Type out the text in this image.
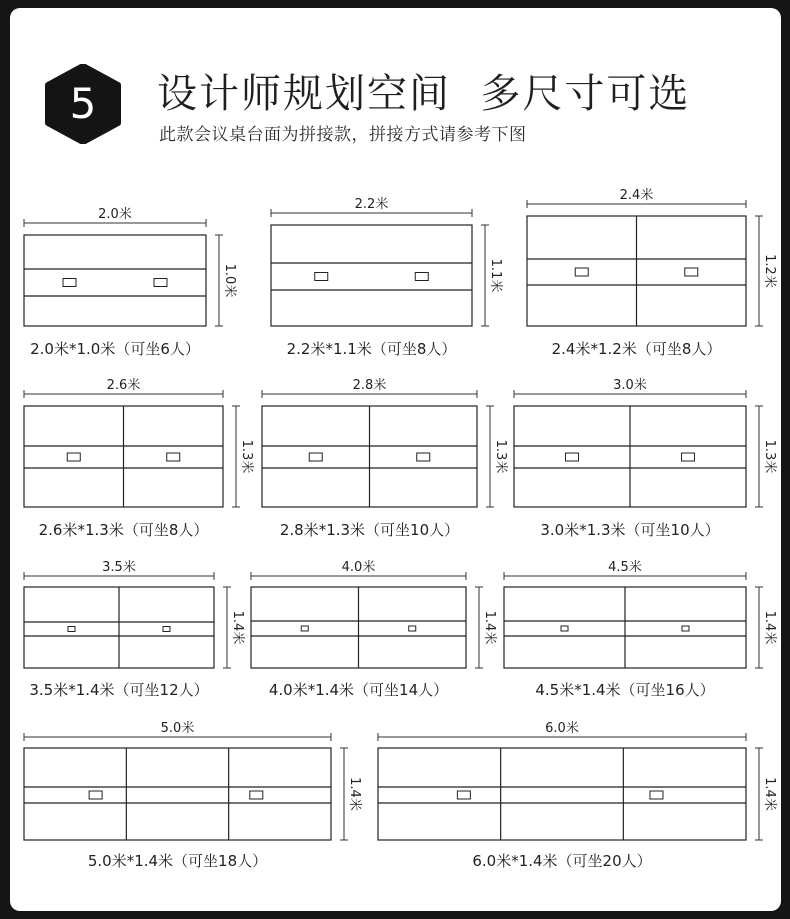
5	设计师规划空间  多尺寸可选
此款会议桌台面为拼接款，拼接方式请参考下图
2.0米
1.0米
2.0米*1.0米（可坐6人）
2.2米
1.1米
2.2米*1.1米（可坐8人）
2.4米
1.2米
2.4米*1.2米（可坐8人）
2.6米
1.3米
2.6米*1.3米（可坐8人）
2.8米
1.3米
2.8米*1.3米（可坐10人）
3.0米
1.3米
3.0米*1.3米（可坐10人）
3.5米
1.4米
3.5米*1.4米（可坐12人）
4.0米
1.4米
4.0米*1.4米（可坐14人）
4.5米
1.4米
4.5米*1.4米（可坐16人）
5.0米
1.4米
5.0米*1.4米（可坐18人）
6.0米
1.4米
6.0米*1.4米（可坐20人）
